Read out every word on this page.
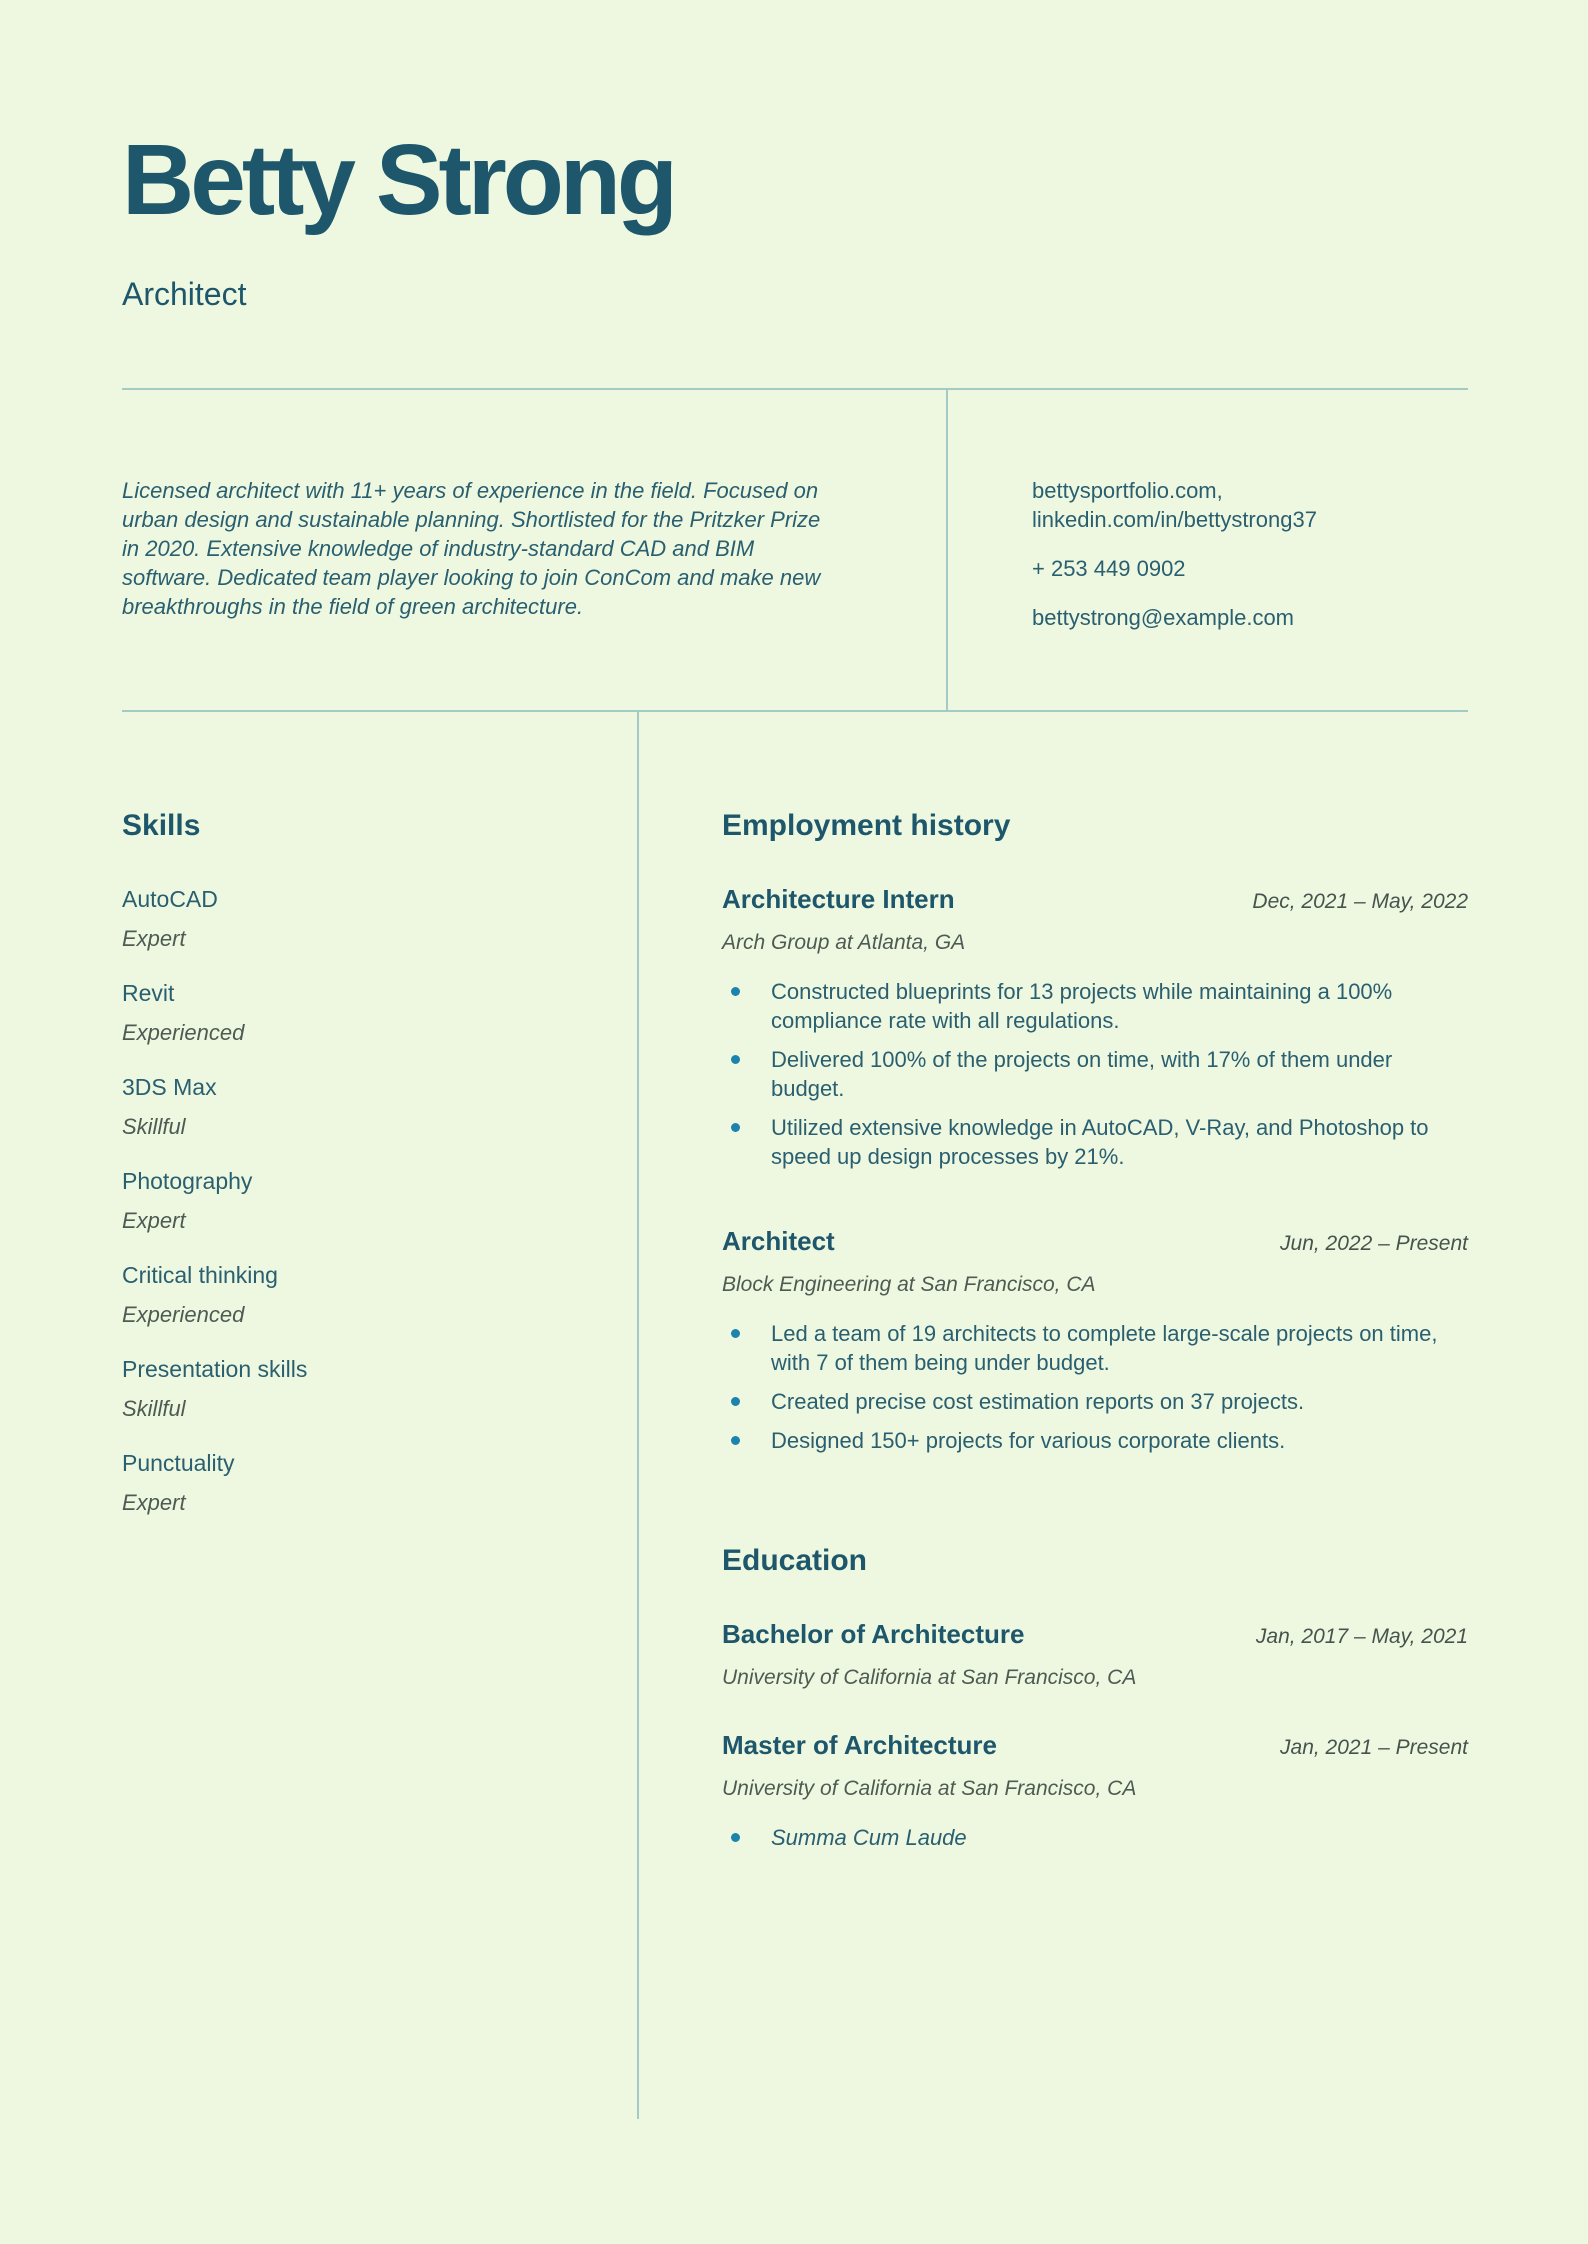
Betty Strong
Architect

Licensed architect with 11+ years of experience in the field. Focused on urban design and sustainable planning. Shortlisted for the Pritzker Prize in 2020. Extensive knowledge of industry-standard CAD and BIM software. Dedicated team player looking to join ConCom and make new breakthroughs in the field of green architecture.

bettysportfolio.com,
linkedin.com/in/bettystrong37
+ 253 449 0902
bettystrong@example.com
Skills
AutoCAD
Expert
Revit
Experienced
3DS Max
Skillful
Photography
Expert
Critical thinking
Experienced
Presentation skills
Skillful
Punctuality
Expert
Employment history
Architecture Intern	Dec, 2021 – May, 2022
Arch Group at Atlanta, GA
Constructed blueprints for 13 projects while maintaining a 100% compliance rate with all regulations.
Delivered 100% of the projects on time, with 17% of them under budget.
Utilized extensive knowledge in AutoCAD, V-Ray, and Photoshop to speed up design processes by 21%.
Architect	Jun, 2022 – Present
Block Engineering at San Francisco, CA
Led a team of 19 architects to complete large-scale projects on time, with 7 of them being under budget.
Created precise cost estimation reports on 37 projects.
Designed 150+ projects for various corporate clients.
Education
Bachelor of Architecture	Jan, 2017 – May, 2021
University of California at San Francisco, CA
Master of Architecture	Jan, 2021 – Present
University of California at San Francisco, CA
Summa Cum Laude
